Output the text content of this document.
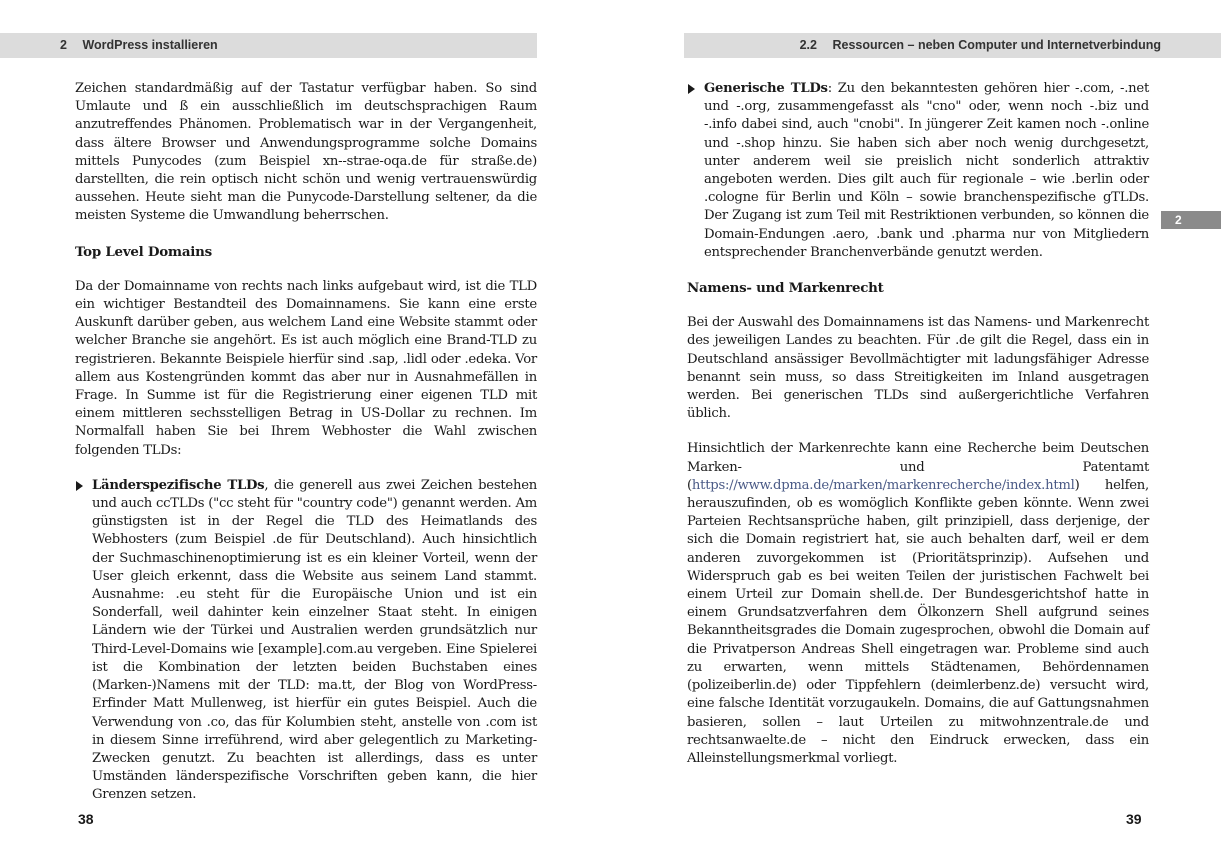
2 WordPress installieren

Zeichen standardmäßig auf der Tastatur verfügbar haben. So sind Umlaute und ß ein ausschließlich im deutschsprachigen Raum anzutreffendes Phänomen. Problematisch war in der Vergangenheit, dass ältere Browser und Anwendungsprogramme solche Domains mittels Punycodes (zum Beispiel xn--strae-oqa.de für straße.de) darstellten, die rein optisch nicht schön und wenig vertrauenswürdig aussehen. Heute sieht man die Punycode-Darstellung seltener, da die meisten Systeme die Umwandlung beherrschen.

Top Level Domains

Da der Domainname von rechts nach links aufgebaut wird, ist die TLD ein wichtiger Bestandteil des Domainnamens. Sie kann eine erste Auskunft darüber geben, aus welchem Land eine Website stammt oder welcher Branche sie angehört. Es ist auch möglich eine Brand-TLD zu registrieren. Bekannte Beispiele hierfür sind .sap, .lidl oder .edeka. Vor allem aus Kostengründen kommt das aber nur in Ausnahmefällen in Frage. In Summe ist für die Registrierung einer eigenen TLD mit einem mittleren sechsstelligen Betrag in US-Dollar zu rechnen. Im Normalfall haben Sie bei Ihrem Webhoster die Wahl zwischen folgenden TLDs:

Länderspezifische TLDs, die generell aus zwei Zeichen bestehen und auch ccTLDs ("cc steht für "country code") genannt werden. Am günstigsten ist in der Regel die TLD des Heimatlands des Webhosters (zum Beispiel .de für Deutschland). Auch hinsichtlich der Suchmaschinenoptimierung ist es ein kleiner Vorteil, wenn der User gleich erkennt, dass die Website aus seinem Land stammt. Ausnahme: .eu steht für die Europäische Union und ist ein Sonderfall, weil dahinter kein einzelner Staat steht. In einigen Ländern wie der Türkei und Australien werden grundsätzlich nur Third-Level-Domains wie [example].com.au vergeben. Eine Spielerei ist die Kombination der letzten beiden Buchstaben eines (Marken-)Namens mit der TLD: ma.tt, der Blog von WordPress-Erfinder Matt Mullenweg, ist hierfür ein gutes Beispiel. Auch die Verwendung von .co, das für Kolumbien steht, anstelle von .com ist in diesem Sinne irreführend, wird aber gelegentlich zu Marketing-Zwecken genutzt. Zu beachten ist allerdings, dass es unter Umständen länderspezifische Vorschriften geben kann, die hier Grenzen setzen.
38
2.2 Ressourcen – neben Computer und Internetverbindung
Generische TLDs: Zu den bekanntesten gehören hier -.com, -.net und -.org, zusammengefasst als "cno" oder, wenn noch -.biz und -.info dabei sind, auch "cnobi". In jüngerer Zeit kamen noch -.online und -.shop hinzu. Sie haben sich aber noch wenig durchgesetzt, unter anderem weil sie preislich nicht sonderlich attraktiv angeboten werden. Dies gilt auch für regionale – wie .berlin oder .cologne für Berlin und Köln – sowie branchenspezifische gTLDs. Der Zugang ist zum Teil mit Restriktionen verbunden, so können die Domain-Endungen .aero, .bank und .pharma nur von Mitgliedern entsprechender Branchenverbände genutzt werden.
Namens- und Markenrecht

Bei der Auswahl des Domainnamens ist das Namens- und Markenrecht des jeweiligen Landes zu beachten. Für .de gilt die Regel, dass ein in Deutschland ansässiger Bevollmächtigter mit ladungsfähiger Adresse benannt sein muss, so dass Streitigkeiten im Inland ausgetragen werden. Bei generischen TLDs sind außergerichtliche Verfahren üblich.

Hinsichtlich der Markenrechte kann eine Recherche beim Deutschen Marken- und Patentamt (https://www.dpma.de/marken/markenrecherche/index.html) helfen, herauszufinden, ob es womöglich Konflikte geben könnte. Wenn zwei Parteien Rechtsansprüche haben, gilt prinzipiell, dass derjenige, der sich die Domain registriert hat, sie auch behalten darf, weil er dem anderen zuvorgekommen ist (Prioritätsprinzip). Aufsehen und Widerspruch gab es bei weiten Teilen der juristischen Fachwelt bei einem Urteil zur Domain shell.de. Der Bundesgerichtshof hatte in einem Grundsatzverfahren dem Ölkonzern Shell aufgrund seines Bekanntheitsgrades die Domain zugesprochen, obwohl die Domain auf die Privatperson Andreas Shell eingetragen war. Probleme sind auch zu erwarten, wenn mittels Städtenamen, Behördennamen (polizeiberlin.de) oder Tippfehlern (deimlerbenz.de) versucht wird, eine falsche Identität vorzugaukeln. Domains, die auf Gattungsnahmen basieren, sollen – laut Urteilen zu mitwohnzentrale.de und rechtsanwaelte.de – nicht den Eindruck erwecken, dass ein Alleinstellungsmerkmal vorliegt.

2
39
